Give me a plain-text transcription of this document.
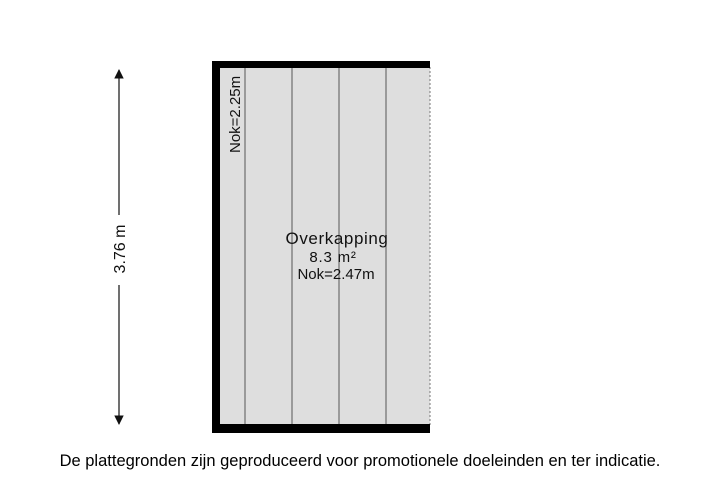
Nok=2.25m
Overkapping
8.3 m²
Nok=2.47m
3.76 m
De plattegronden zijn geproduceerd voor promotionele doeleinden en ter indicatie.
